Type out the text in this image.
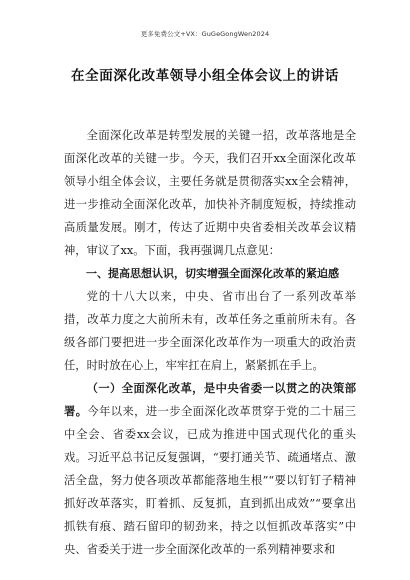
更多免费公文+VX：GuGeGongWen2024
在全面深化改革领导小组全体会议上的讲话

全面深化改革是转型发展的关键一招，改革落地是全面深化改革的关键一步。今天，我们召开xx全面深化改革领导小组全体会议，主要任务就是贯彻落实xx全会精神，进一步推动全面深化改革，加快补齐制度短板，持续推动高质量发展。刚才，传达了近期中央省委相关改革会议精神，审议了xx。下面，我再强调几点意见：

一、提高思想认识，切实增强全面深化改革的紧迫感

党的十八大以来，中央、省市出台了一系列改革举措，改革力度之大前所未有，改革任务之重前所未有。各级各部门要把进一步全面深化改革作为一项重大的政治责任，时时放在心上，牢牢扛在肩上，紧紧抓在手上。

（一）全面深化改革，是中央省委一以贯之的决策部署。今年以来，进一步全面深化改革贯穿于党的二十届三中全会、省委xx会议，已成为推进中国式现代化的重头戏。习近平总书记反复强调，“要打通关节、疏通堵点、激活全盘，努力使各项改革都能落地生根”“要以钉钉子精神抓好改革落实，盯着抓、反复抓，直到抓出成效”“要拿出抓铁有痕、踏石留印的韧劲来，持之以恒抓改革落实”中央、省委关于进一步全面深化改革的一系列精神要求和
